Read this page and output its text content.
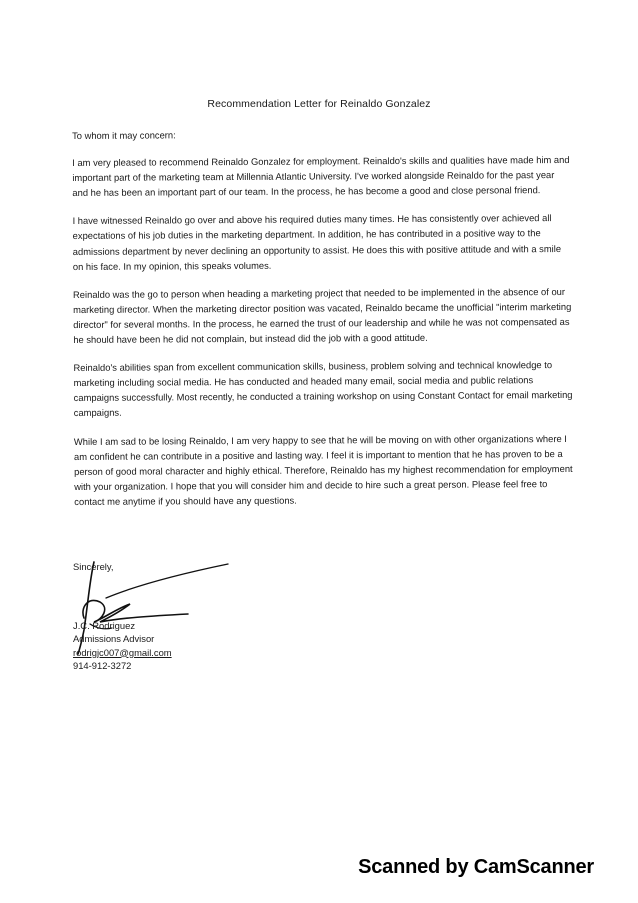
Recommendation Letter for Reinaldo Gonzalez

To whom it may concern:

I am very pleased to recommend Reinaldo Gonzalez for employment. Reinaldo's skills and qualities have made him and important part of the marketing team at Millennia Atlantic University. I've worked alongside Reinaldo for the past year and he has been an important part of our team. In the process, he has become a good and close personal friend.

I have witnessed Reinaldo go over and above his required duties many times. He has consistently over achieved all expectations of his job duties in the marketing department. In addition, he has contributed in a positive way to the admissions department by never declining an opportunity to assist. He does this with positive attitude and with a smile on his face. In my opinion, this speaks volumes.

Reinaldo was the go to person when heading a marketing project that needed to be implemented in the absence of our marketing director. When the marketing director position was vacated, Reinaldo became the unofficial "interim marketing director" for several months. In the process, he earned the trust of our leadership and while he was not compensated as he should have been he did not complain, but instead did the job with a good attitude.

Reinaldo's abilities span from excellent communication skills, business, problem solving and technical knowledge to marketing including social media. He has conducted and headed many email, social media and public relations campaigns successfully. Most recently, he conducted a training workshop on using Constant Contact for email marketing campaigns.

While I am sad to be losing Reinaldo, I am very happy to see that he will be moving on with other organizations where I am confident he can contribute in a positive and lasting way. I feel it is important to mention that he has proven to be a person of good moral character and highly ethical. Therefore, Reinaldo has my highest recommendation for employment with your organization. I hope that you will consider him and decide to hire such a great person. Please feel free to contact me anytime if you should have any questions.

Sincerely,
J.C. Rodriguez
Admissions Advisor
rodrigjc007@gmail.com
914-912-3272
Scanned by CamScanner
